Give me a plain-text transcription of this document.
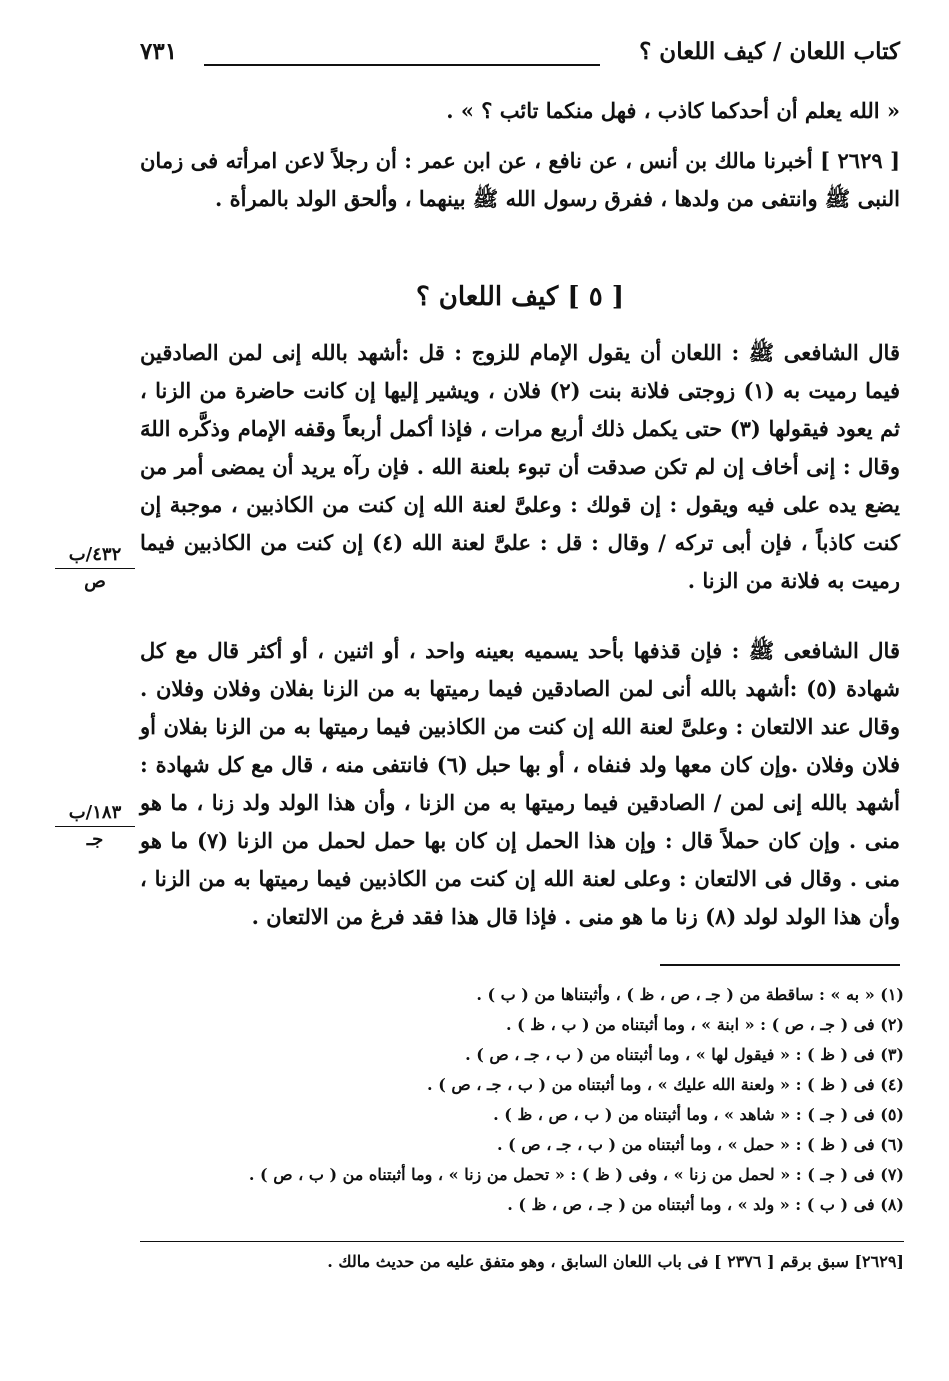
كتاب اللعان / كيف اللعان ؟
٧٣١
« الله يعلم أن أحدكما كاذب ، فهل منكما تائب ؟ » .
[ ٢٦٢٩ ] أخبرنا مالك بن أنس ، عن نافع ، عن ابن عمر : أن رجلاً لاعن امرأته فى زمان النبى ﷺ وانتفى من ولدها ، ففرق رسول الله ﷺ بينهما ، وألحق الولد بالمرأة .
[ ٥ ] كيف اللعان ؟
قال الشافعى ﷺ : اللعان أن يقول الإمام للزوج : قل :أشهد بالله إنى لمن الصادقين فيما رميت به (١) زوجتى فلانة بنت (٢) فلان ، ويشير إليها إن كانت حاضرة من الزنا ، ثم يعود فيقولها (٣) حتى يكمل ذلك أربع مرات ، فإذا أكمل أربعاً وقفه الإمام وذكَّره اللهَ وقال : إنى أخاف إن لم تكن صدقت أن تبوء بلعنة الله . فإن رآه يريد أن يمضى أمر من يضع يده على فيه ويقول : إن قولك : وعلىَّ لعنة الله إن كنت من الكاذبين ، موجبة إن كنت كاذباً ، فإن أبى تركه / وقال : قل : علىَّ لعنة الله (٤) إن كنت من الكاذبين فيما رميت به فلانة من الزنا .
قال الشافعى ﷺ : فإن قذفها بأحد يسميه بعينه واحد ، أو اثنين ، أو أكثر قال مع كل شهادة (٥) :أشهد بالله أنى لمن الصادقين فيما رميتها به من الزنا بفلان وفلان وفلان . وقال عند الالتعان : وعلىَّ لعنة الله إن كنت من الكاذبين فيما رميتها به من الزنا بفلان أو فلان وفلان .وإن كان معها ولد فنفاه ، أو بها حبل (٦) فانتفى منه ، قال مع كل شهادة : أشهد بالله إنى لمن / الصادقين فيما رميتها به من الزنا ، وأن هذا الولد ولد زنا ، ما هو منى . وإن كان حملاً قال : وإن هذا الحمل إن كان بها حمل لحمل من الزنا (٧) ما هو منى . وقال فى الالتعان : وعلى لعنة الله إن كنت من الكاذبين فيما رميتها به من الزنا ، وأن هذا الولد لولد (٨) زنا ما هو منى . فإذا قال هذا فقد فرغ من الالتعان .
٤٣٢/ب
ص
١٨٣/ب
جـ
(١) « به » : ساقطة من ( جـ ، ص ، ظ ) ، وأثبتناها من ( ب ) .
(٢) فى ( جـ ، ص ) : « ابنة » ، وما أثبتناه من ( ب ، ظ ) .
(٣) فى ( ظ ) : « فيقول لها » ، وما أثبتناه من ( ب ، جـ ، ص ) .
(٤) فى ( ظ ) : « ولعنة الله عليك » ، وما أثبتناه من ( ب ، جـ ، ص ) .
(٥) فى ( جـ ) : « شاهد » ، وما أثبتناه من ( ب ، ص ، ظ ) .
(٦) فى ( ظ ) : « حمل » ، وما أثبتناه من ( ب ، جـ ، ص ) .
(٧) فى ( جـ ) : « لحمل من زنا » ، وفى ( ظ ) : « تحمل من زنا » ، وما أثبتناه من ( ب ، ص ) .
(٨) فى ( ب ) : « ولد » ، وما أثبتناه من ( جـ ، ص ، ظ ) .
[٢٦٢٩] سبق برقم [ ٢٣٧٦ ] فى باب اللعان السابق ، وهو متفق عليه من حديث مالك .
